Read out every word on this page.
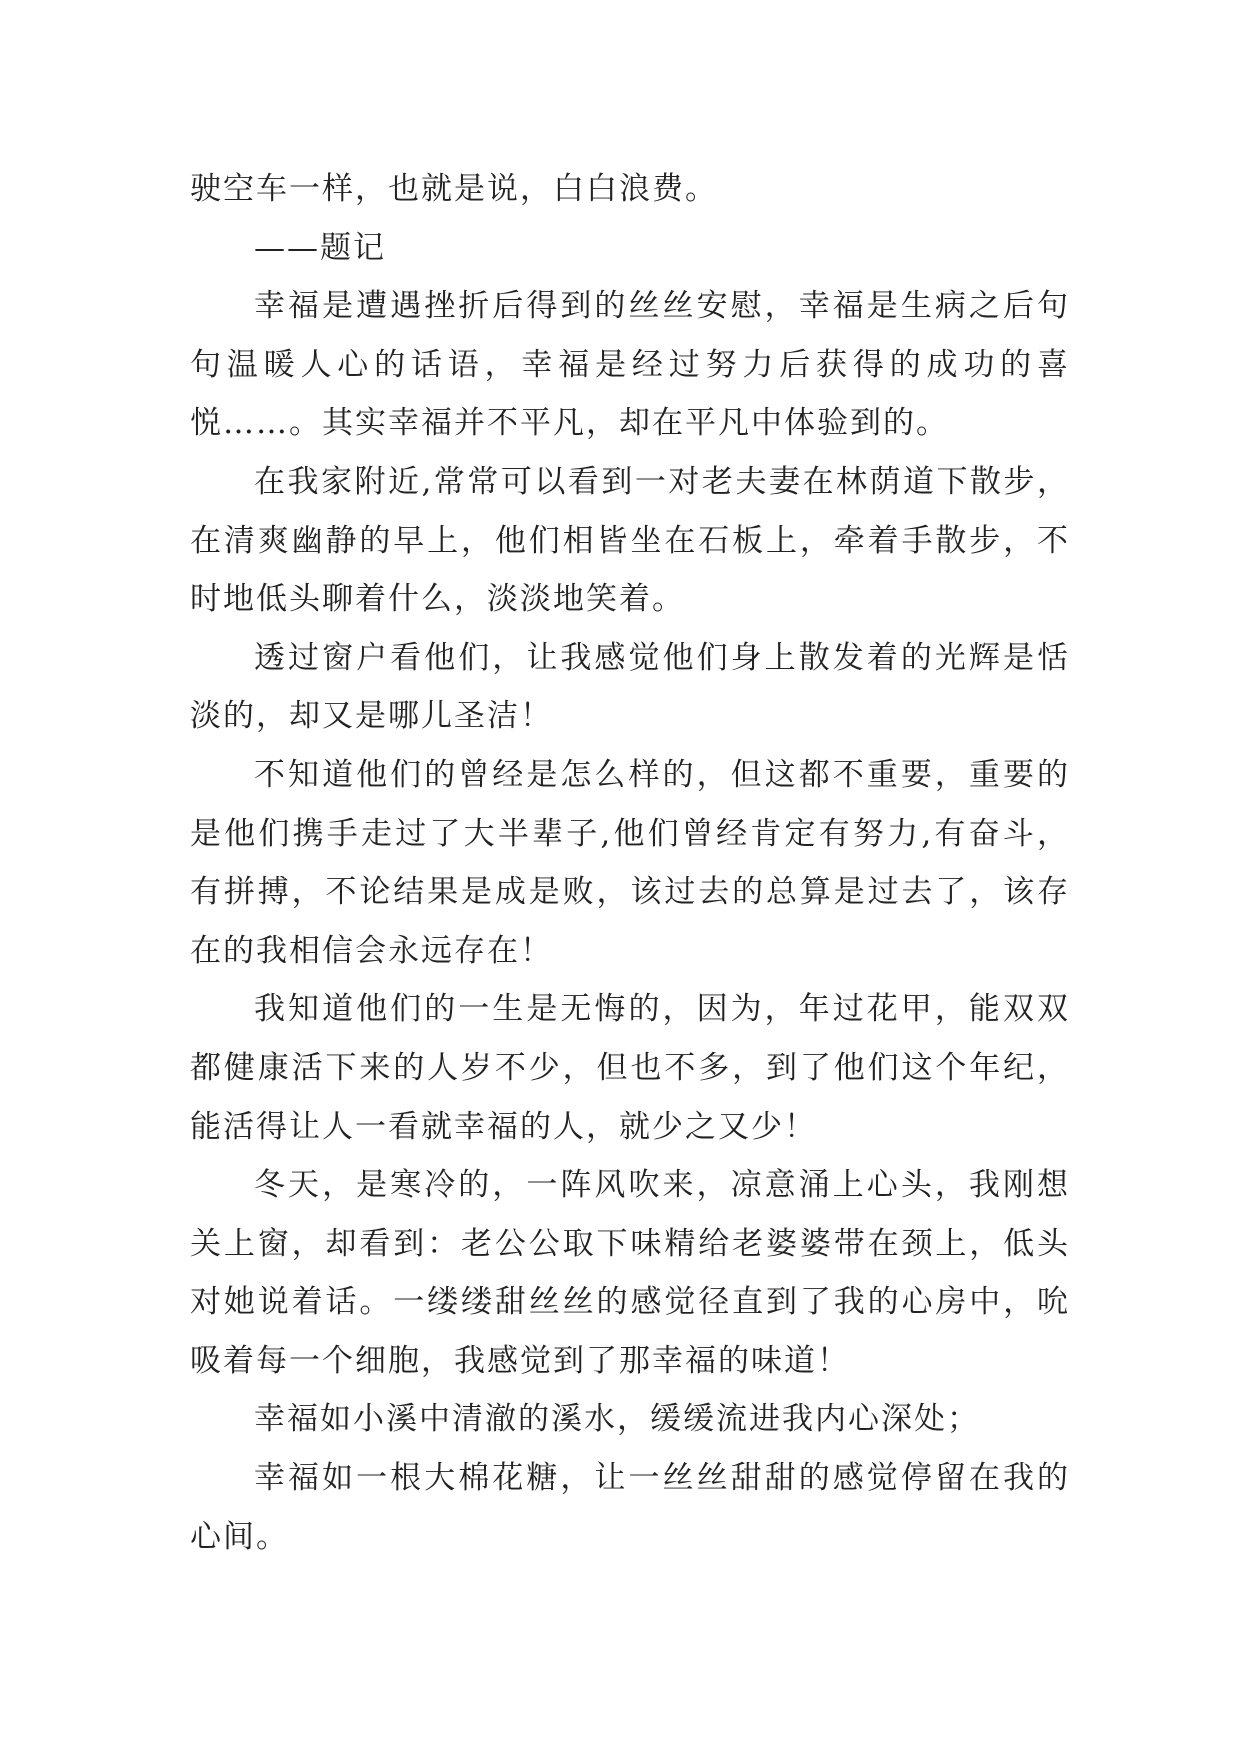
驶空车一样，也就是说，白白浪费。

——题记

幸福是遭遇挫折后得到的丝丝安慰，幸福是生病之后句句温暖人心的话语，幸福是经过努力后获得的成功的喜悦……。其实幸福并不平凡，却在平凡中体验到的。

在我家附近,常常可以看到一对老夫妻在林荫道下散步，在清爽幽静的早上，他们相皆坐在石板上，牵着手散步，不时地低头聊着什么，淡淡地笑着。

透过窗户看他们，让我感觉他们身上散发着的光辉是恬淡的，却又是哪儿圣洁！

不知道他们的曾经是怎么样的，但这都不重要，重要的是他们携手走过了大半辈子,他们曾经肯定有努力,有奋斗，有拼搏，不论结果是成是败，该过去的总算是过去了，该存在的我相信会永远存在！

我知道他们的一生是无悔的，因为，年过花甲，能双双都健康活下来的人岁不少，但也不多，到了他们这个年纪，能活得让人一看就幸福的人，就少之又少！

冬天，是寒冷的，一阵风吹来，凉意涌上心头，我刚想关上窗，却看到：老公公取下味精给老婆婆带在颈上，低头对她说着话。一缕缕甜丝丝的感觉径直到了我的心房中，吮吸着每一个细胞，我感觉到了那幸福的味道！

幸福如小溪中清澈的溪水，缓缓流进我内心深处；

幸福如一根大棉花糖，让一丝丝甜甜的感觉停留在我的心间。
